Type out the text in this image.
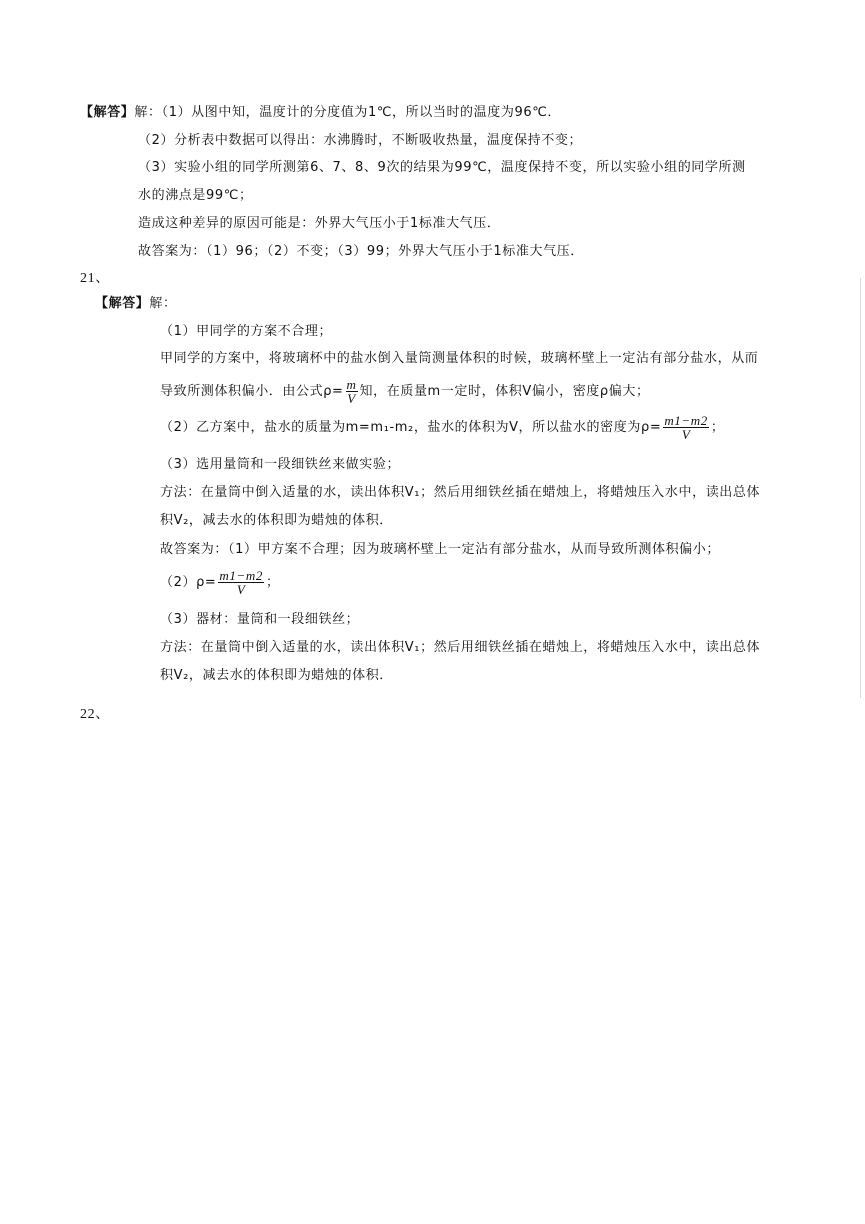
【解答】解：（1）从图中知，温度计的分度值为1℃，所以当时的温度为96℃．
（2）分析表中数据可以得出：水沸腾时，不断吸收热量，温度保持不变；
（3）实验小组的同学所测第6、7、8、9次的结果为99℃，温度保持不变，所以实验小组的同学所测
水的沸点是99℃；
造成这种差异的原因可能是：外界大气压小于1标准大气压．
故答案为：（1）96；（2）不变；（3）99；外界大气压小于1标准大气压．
21、
【解答】解：
（1）甲同学的方案不合理；
甲同学的方案中，将玻璃杯中的盐水倒入量筒测量体积的时候，玻璃杯壁上一定沾有部分盐水，从而
导致所测体积偏小．由公式$\rho= \frac{m}{V}$ 知，在质量m一定时，体积V偏小，密度ρ偏大；
（2）乙方案中，盐水的质量为m=m₁-m₂，盐水的体积为V，所以盐水的密度为$\rho= \frac{m1-m2}{V}$ ；
（3）选用量筒和一段细铁丝来做实验；
方法：在量筒中倒入适量的水，读出体积V₁；然后用细铁丝插在蜡烛上，将蜡烛压入水中，读出总体
积V₂，减去水的体积即为蜡烛的体积．
故答案为：（1）甲方案不合理；因为玻璃杯壁上一定沾有部分盐水，从而导致所测体积偏小；
$(2)\rho= \frac{m1-m2}{V}$ ；
（3）器材：量筒和一段细铁丝；
方法：在量筒中倒入适量的水，读出体积V₁；然后用细铁丝插在蜡烛上，将蜡烛压入水中，读出总体
积V₂，减去水的体积即为蜡烛的体积．
22、
